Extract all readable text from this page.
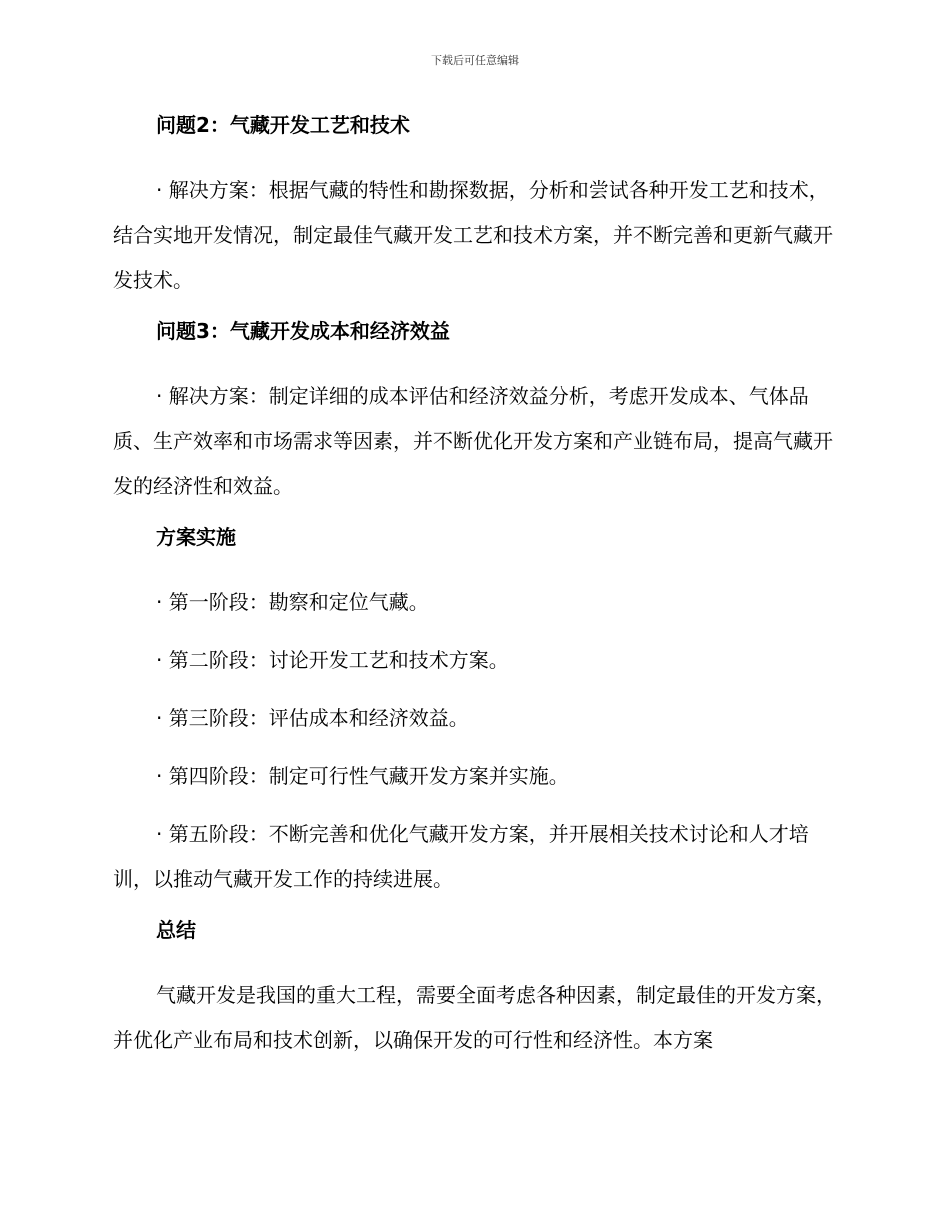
下载后可任意编辑
问题2：气藏开发工艺和技术
· 解决方案：根据气藏的特性和勘探数据，分析和尝试各种开发工艺和技术，结合实地开发情况，制定最佳气藏开发工艺和技术方案，并不断完善和更新气藏开发技术。
问题3：气藏开发成本和经济效益
· 解决方案：制定详细的成本评估和经济效益分析，考虑开发成本、气体品质、生产效率和市场需求等因素，并不断优化开发方案和产业链布局，提高气藏开发的经济性和效益。
方案实施
· 第一阶段：勘察和定位气藏。
· 第二阶段：讨论开发工艺和技术方案。
· 第三阶段：评估成本和经济效益。
· 第四阶段：制定可行性气藏开发方案并实施。
· 第五阶段：不断完善和优化气藏开发方案，并开展相关技术讨论和人才培训，以推动气藏开发工作的持续进展。
总结
气藏开发是我国的重大工程，需要全面考虑各种因素，制定最佳的开发方案，并优化产业布局和技术创新，以确保开发的可行性和经济性。本方案
